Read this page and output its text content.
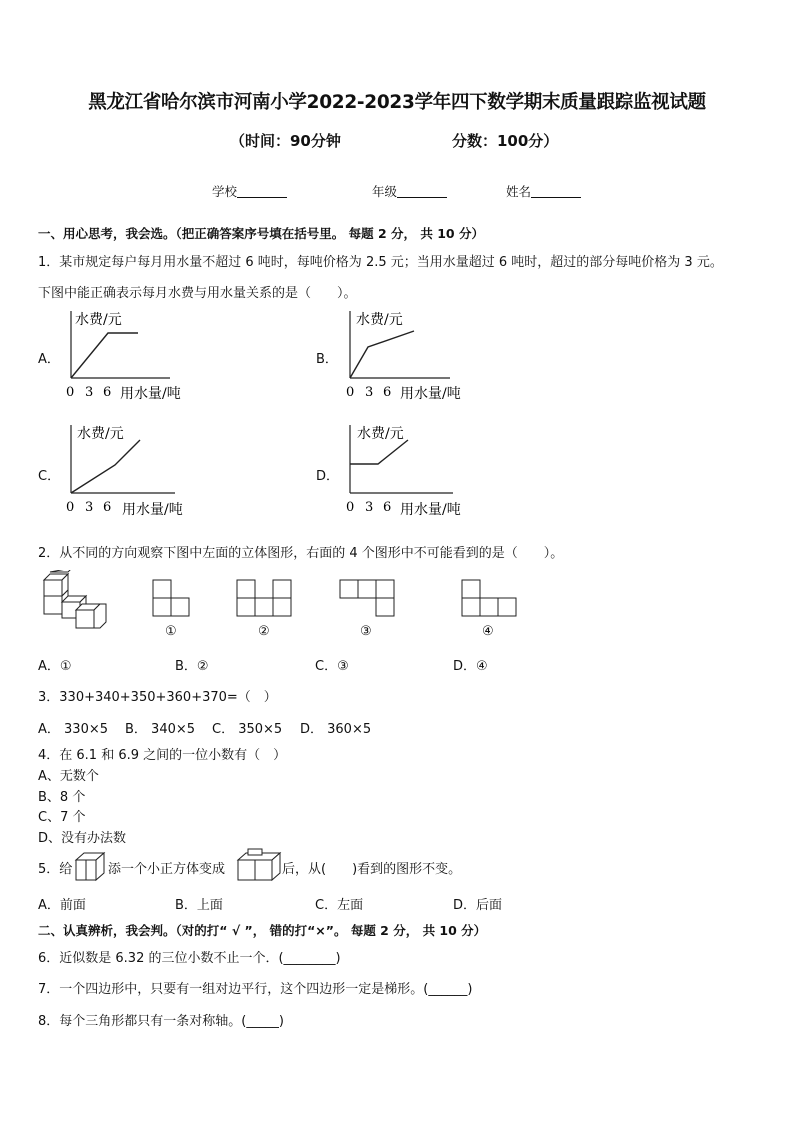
黑龙江省哈尔滨市河南小学2022-2023学年四下数学期末质量跟踪监视试题
（时间：90分钟	分数：100分）
学校	年级	姓名
一、用心思考，我会选。（把正确答案序号填在括号里。 每题 2 分， 共 10 分）
1．某市规定每户每月用水量不超过 6 吨时，每吨价格为 2.5 元；当用水量超过 6 吨时，超过的部分每吨价格为 3 元。
下图中能正确表示每月水费与用水量关系的是（　　）。
A．
水费/元
0 3 6 用水量/吨
B．
水费/元
0 3 6 用水量/吨
C．
水费/元
0 3 6 用水量/吨
D．
水费/元
0 3 6 用水量/吨
2．从不同的方向观察下图中左面的立体图形，右面的 4 个图形中不可能看到的是（　　）。
①	②	③	④
A．①	B．②	C．③	D．④
3．330+340+350+360+370=（　）
A． 330×5 B． 340×5 C． 350×5 D． 360×5
4．在 6.1 和 6.9 之间的一位小数有（　）
A、无数个
B、8 个
C、7 个
D、没有办法数
5．给	添一个小正方体变成	后，从(　　)看到的图形不变。
A．前面	B．上面	C．左面	D．后面
二、认真辨析，我会判。（对的打“ √ ”， 错的打“×”。 每题 2 分， 共 10 分）
6．近似数是 6.32 的三位小数不止一个．(________)
7．一个四边形中，只要有一组对边平行，这个四边形一定是梯形。(______)
8．每个三角形都只有一条对称轴。(_____)
